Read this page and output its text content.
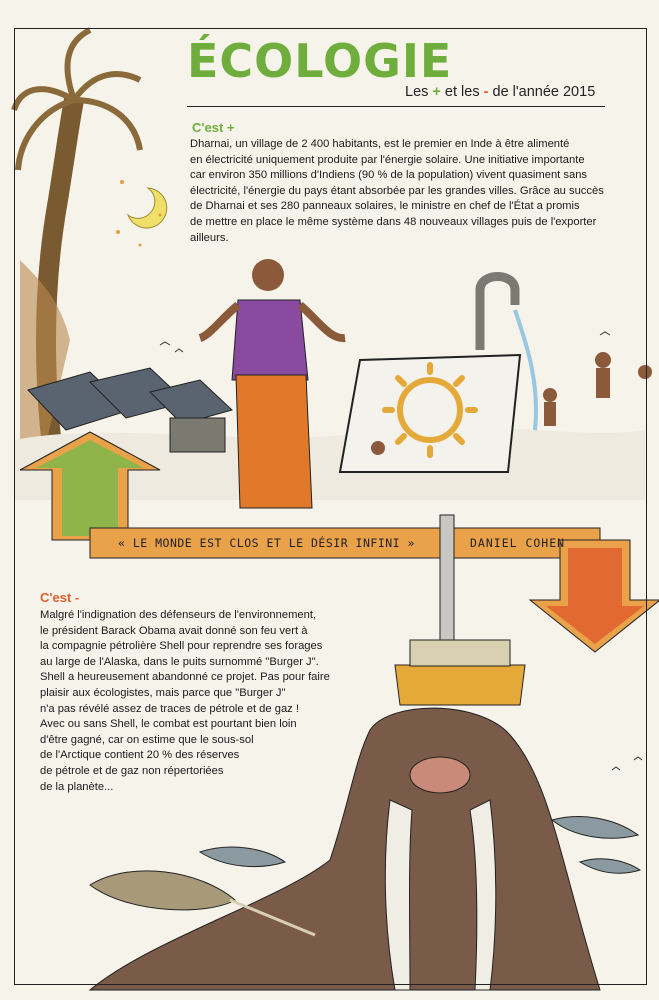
ÉCOLOGIE
Les + et les - de l'année 2015
C'est +
Dharnai, un village de 2 400 habitants, est le premier en Inde à être alimenté
en électricité uniquement produite par l'énergie solaire. Une initiative importante
car environ 350 millions d'Indiens (90 % de la population) vivent quasiment sans
électricité, l'énergie du pays étant absorbée par les grandes villes. Grâce au succès
de Dharnai et ses 280 panneaux solaires, le ministre en chef de l'État a promis
de mettre en place le même système dans 48 nouveaux villages puis de l'exporter
ailleurs.
« LE MONDE EST CLOS ET LE DÉSIR INFINI »	DANIEL COHEN
C'est -
Malgré l'indignation des défenseurs de l'environnement,
le président Barack Obama avait donné son feu vert à
la compagnie pétrolière Shell pour reprendre ses forages
au large de l'Alaska, dans le puits surnommé "Burger J".
Shell a heureusement abandonné ce projet. Pas pour faire
plaisir aux écologistes, mais parce que "Burger J"
n'a pas révélé assez de traces de pétrole et de gaz !
Avec ou sans Shell, le combat est pourtant bien loin
d'être gagné, car on estime que le sous-sol
de l'Arctique contient 20 % des réserves
de pétrole et de gaz non répertoriées
de la planète...
